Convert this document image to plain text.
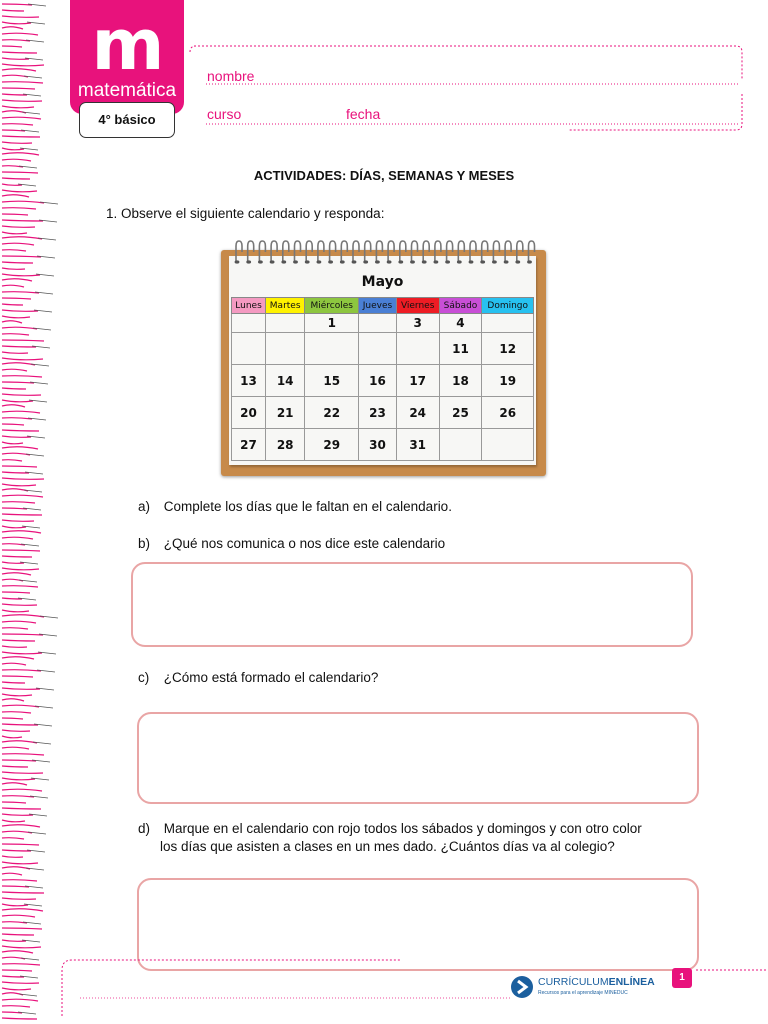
m
matemática
4° básico
nombre
curso	fecha
ACTIVIDADES: DÍAS, SEMANAS Y MESES
1. Observe el siguiente calendario y responda:
Mayo
Lunes	Martes	Miércoles	Jueves	Viernes	Sábado	Domingo
		1		3	4	
					11	12
13	14	15	16	17	18	19
20	21	22	23	24	25	26
27	28	29	30	31		
a) Complete los días que le faltan en el calendario.
b) ¿Qué nos comunica o nos dice este calendario
c) ¿Cómo está formado el calendario?
d) Marque en el calendario con rojo todos los sábados y domingos y con otro color
los días que asisten a clases en un mes dado. ¿Cuántos días va al colegio?
CURRÍCULUMENLÍNEA
Recursos para el aprendizaje MINEDUC
1
